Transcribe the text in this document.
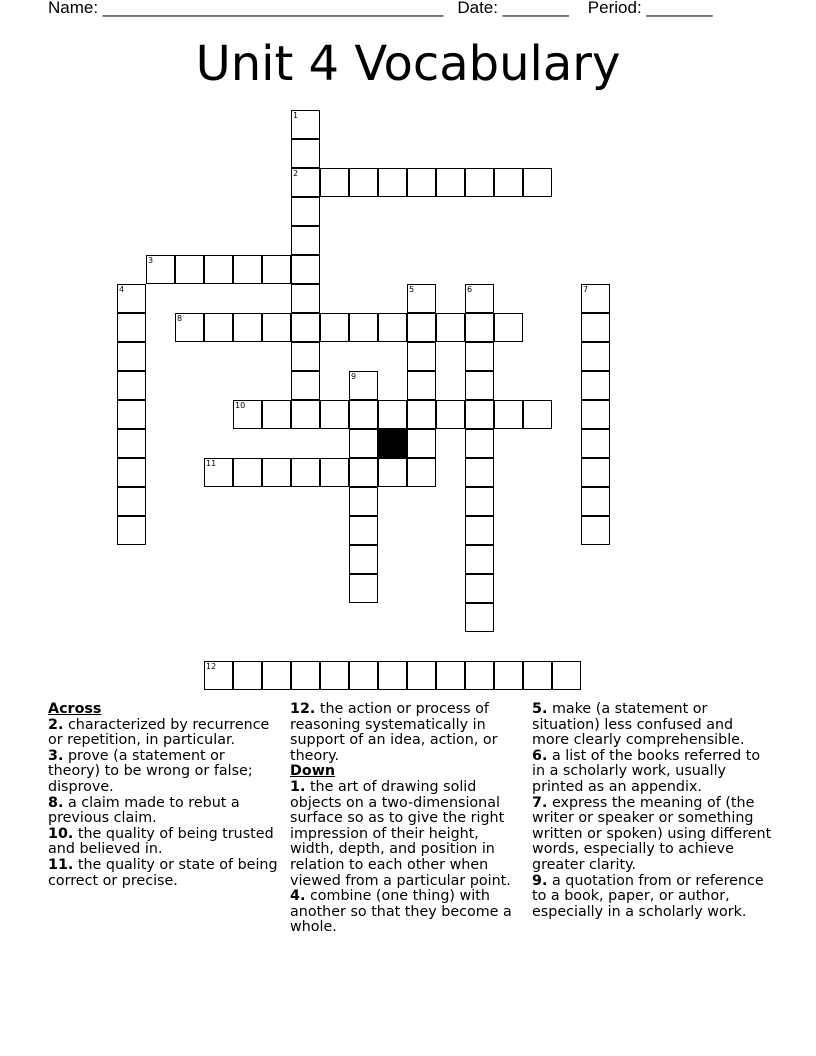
Name: ____________________________________ Date: _______ Period: _______
Unit 4 Vocabulary
1
2
3
4	5	6	7
8
9
10
11
12
Across

2. characterized by recurrence or repetition, in particular.

3. prove (a statement or theory) to be wrong or false; disprove.

8. a claim made to rebut a previous claim.

10. the quality of being trusted and believed in.

11. the quality or state of being correct or precise.

12. the action or process of reasoning systematically in support of an idea, action, or theory.

Down

1. the art of drawing solid objects on a two-dimensional surface so as to give the right impression of their height, width, depth, and position in relation to each other when viewed from a particular point.

4. combine (one thing) with another so that they become a whole.

5. make (a statement or situation) less confused and more clearly comprehensible.

6. a list of the books referred to in a scholarly work, usually printed as an appendix.

7. express the meaning of (the writer or speaker or something written or spoken) using different words, especially to achieve greater clarity.

9. a quotation from or reference to a book, paper, or author, especially in a scholarly work.
